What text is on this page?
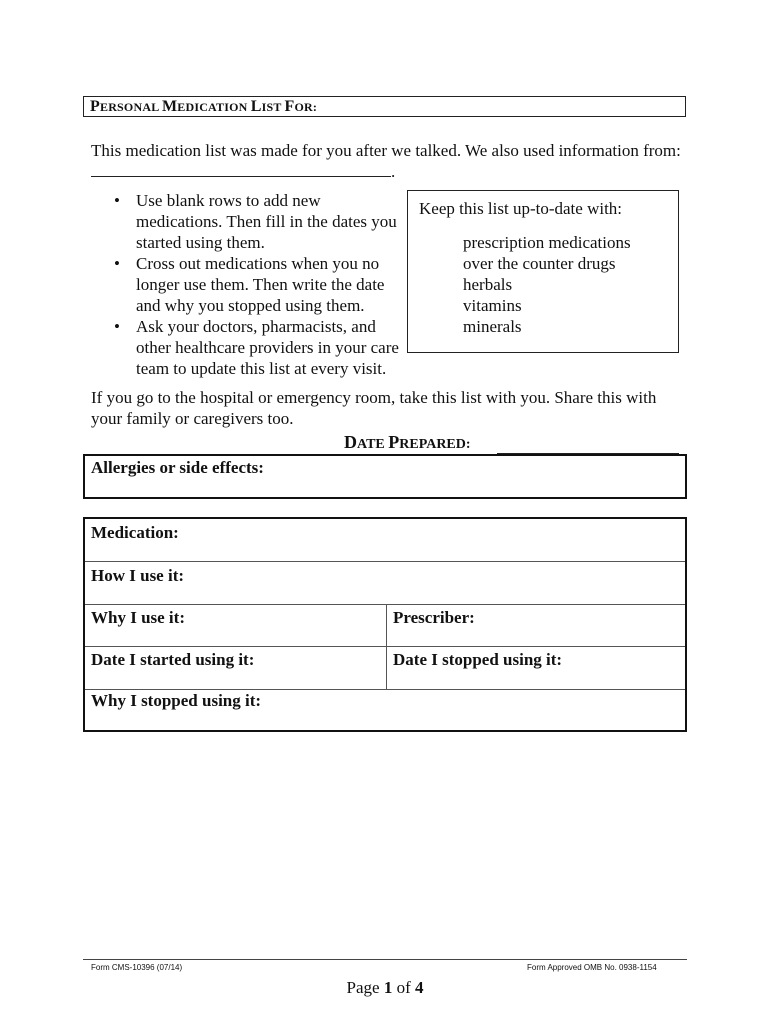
PERSONAL MEDICATION LIST FOR:
This medication list was made for you after we talked. We also used information from: .
• Use blank rows to add new medications. Then fill in the dates you started using them.
• Cross out medications when you no longer use them. Then write the date and why you stopped using them.
• Ask your doctors, pharmacists, and other healthcare providers in your care team to update this list at every visit.
Keep this list up-to-date with:
prescription medications
over the counter drugs
herbals
vitamins
minerals
If you go to the hospital or emergency room, take this list with you. Share this with your family or caregivers too.
DATE PREPARED:
Allergies or side effects:
Medication:
How I use it:
Why I use it:	Prescriber:
Date I started using it:	Date I stopped using it:
Why I stopped using it:
Form CMS-10396 (07/14)	Form Approved OMB No. 0938-1154
Page 1 of 4
